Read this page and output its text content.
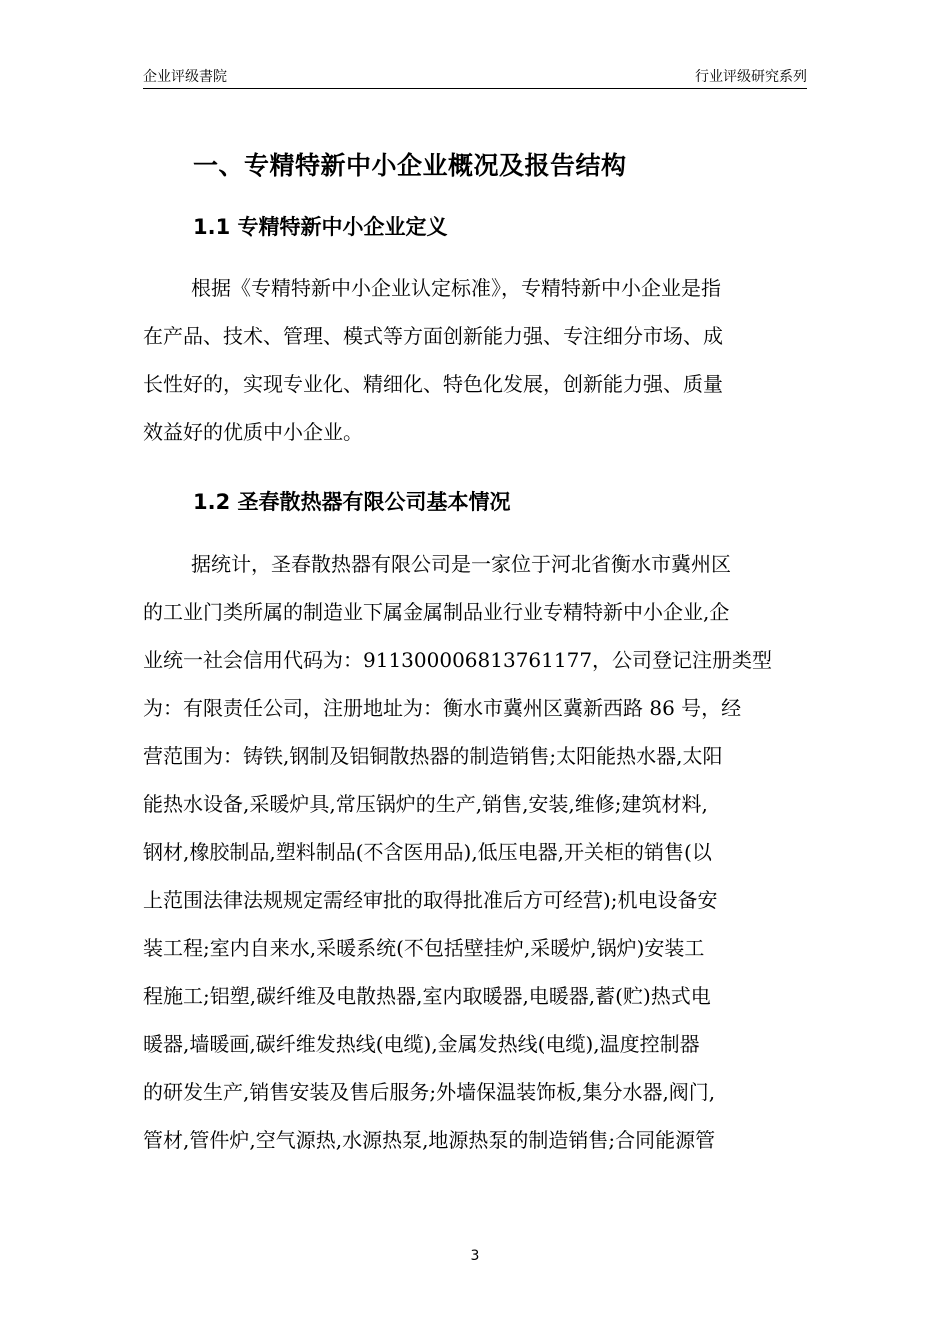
企业评级書院	行业评级研究系列
一、专精特新中小企业概况及报告结构
1.1 专精特新中小企业定义
根据《专精特新中小企业认定标准》，专精特新中小企业是指
在产品、技术、管理、模式等方面创新能力强、专注细分市场、成
长性好的，实现专业化、精细化、特色化发展，创新能力强、质量
效益好的优质中小企业。
1.2 圣春散热器有限公司基本情况
据统计，圣春散热器有限公司是一家位于河北省衡水市冀州区
的工业门类所属的制造业下属金属制品业行业专精特新中小企业,企
业统一社会信用代码为：911300006813761177，公司登记注册类型
为：有限责任公司，注册地址为：衡水市冀州区冀新西路 86 号，经
营范围为：铸铁,钢制及铝铜散热器的制造销售;太阳能热水器,太阳
能热水设备,采暖炉具,常压锅炉的生产,销售,安装,维修;建筑材料,
钢材,橡胶制品,塑料制品(不含医用品),低压电器,开关柜的销售(以
上范围法律法规规定需经审批的取得批准后方可经营);机电设备安
装工程;室内自来水,采暖系统(不包括壁挂炉,采暖炉,锅炉)安装工
程施工;铝塑,碳纤维及电散热器,室内取暖器,电暖器,蓄(贮)热式电
暖器,墙暖画,碳纤维发热线(电缆),金属发热线(电缆),温度控制器
的研发生产,销售安装及售后服务;外墙保温装饰板,集分水器,阀门,
管材,管件炉,空气源热,水源热泵,地源热泵的制造销售;合同能源管
3
